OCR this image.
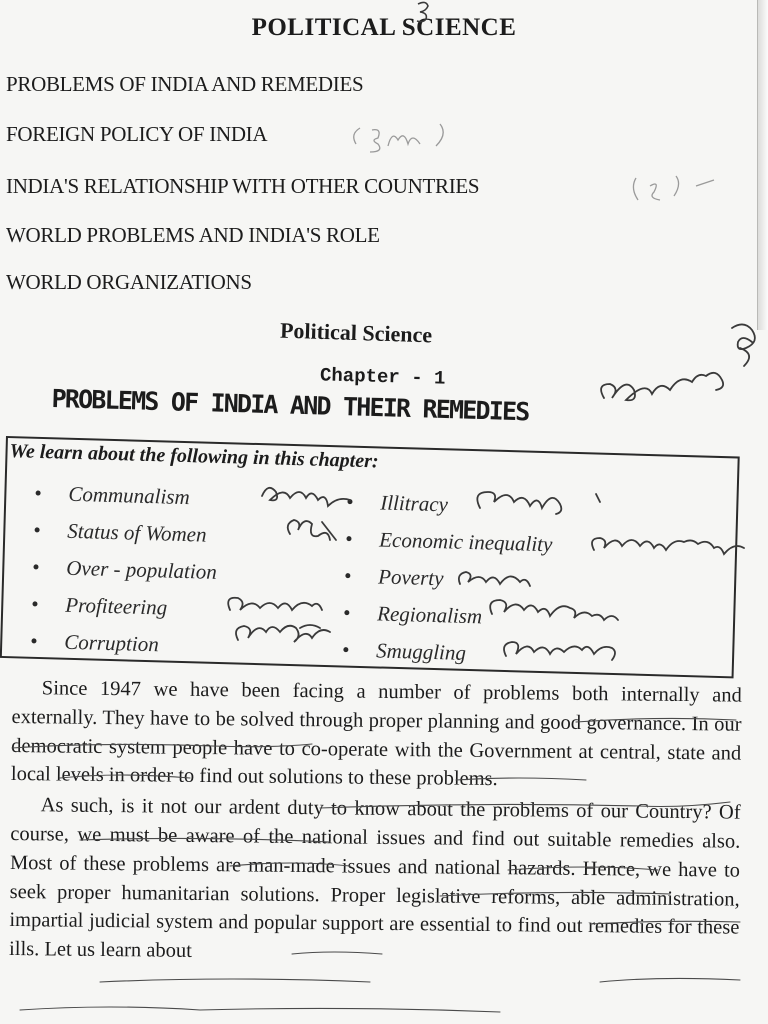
POLITICAL SCIENCE
PROBLEMS OF INDIA AND REMEDIES
FOREIGN POLICY OF INDIA
INDIA'S RELATIONSHIP WITH OTHER COUNTRIES
WORLD PROBLEMS AND INDIA'S ROLE
WORLD ORGANIZATIONS
Political Science
Chapter - 1
PROBLEMS OF INDIA AND THEIR REMEDIES
We learn about the following in this chapter:
• Communalism
• Status of Women
• Over - population
• Profiteering
• Corruption
• Illitracy
• Economic inequality
• Poverty
• Regionalism
• Smuggling

Since 1947 we have been facing a number of problems both internally and externally. They have to be solved through proper planning and good governance. In our democratic system people have to co-operate with the Government at central, state and local levels in order to find out solutions to these problems.

As such, is it not our ardent duty to know about the problems of our Country? Of course, we must be aware of the national issues and find out suitable remedies also. Most of these problems are man-made issues and national hazards. Hence, we have to seek proper humanitarian solutions. Proper legislative reforms, able administration, impartial judicial system and popular support are essential to find out remedies for these ills. Let us learn about
